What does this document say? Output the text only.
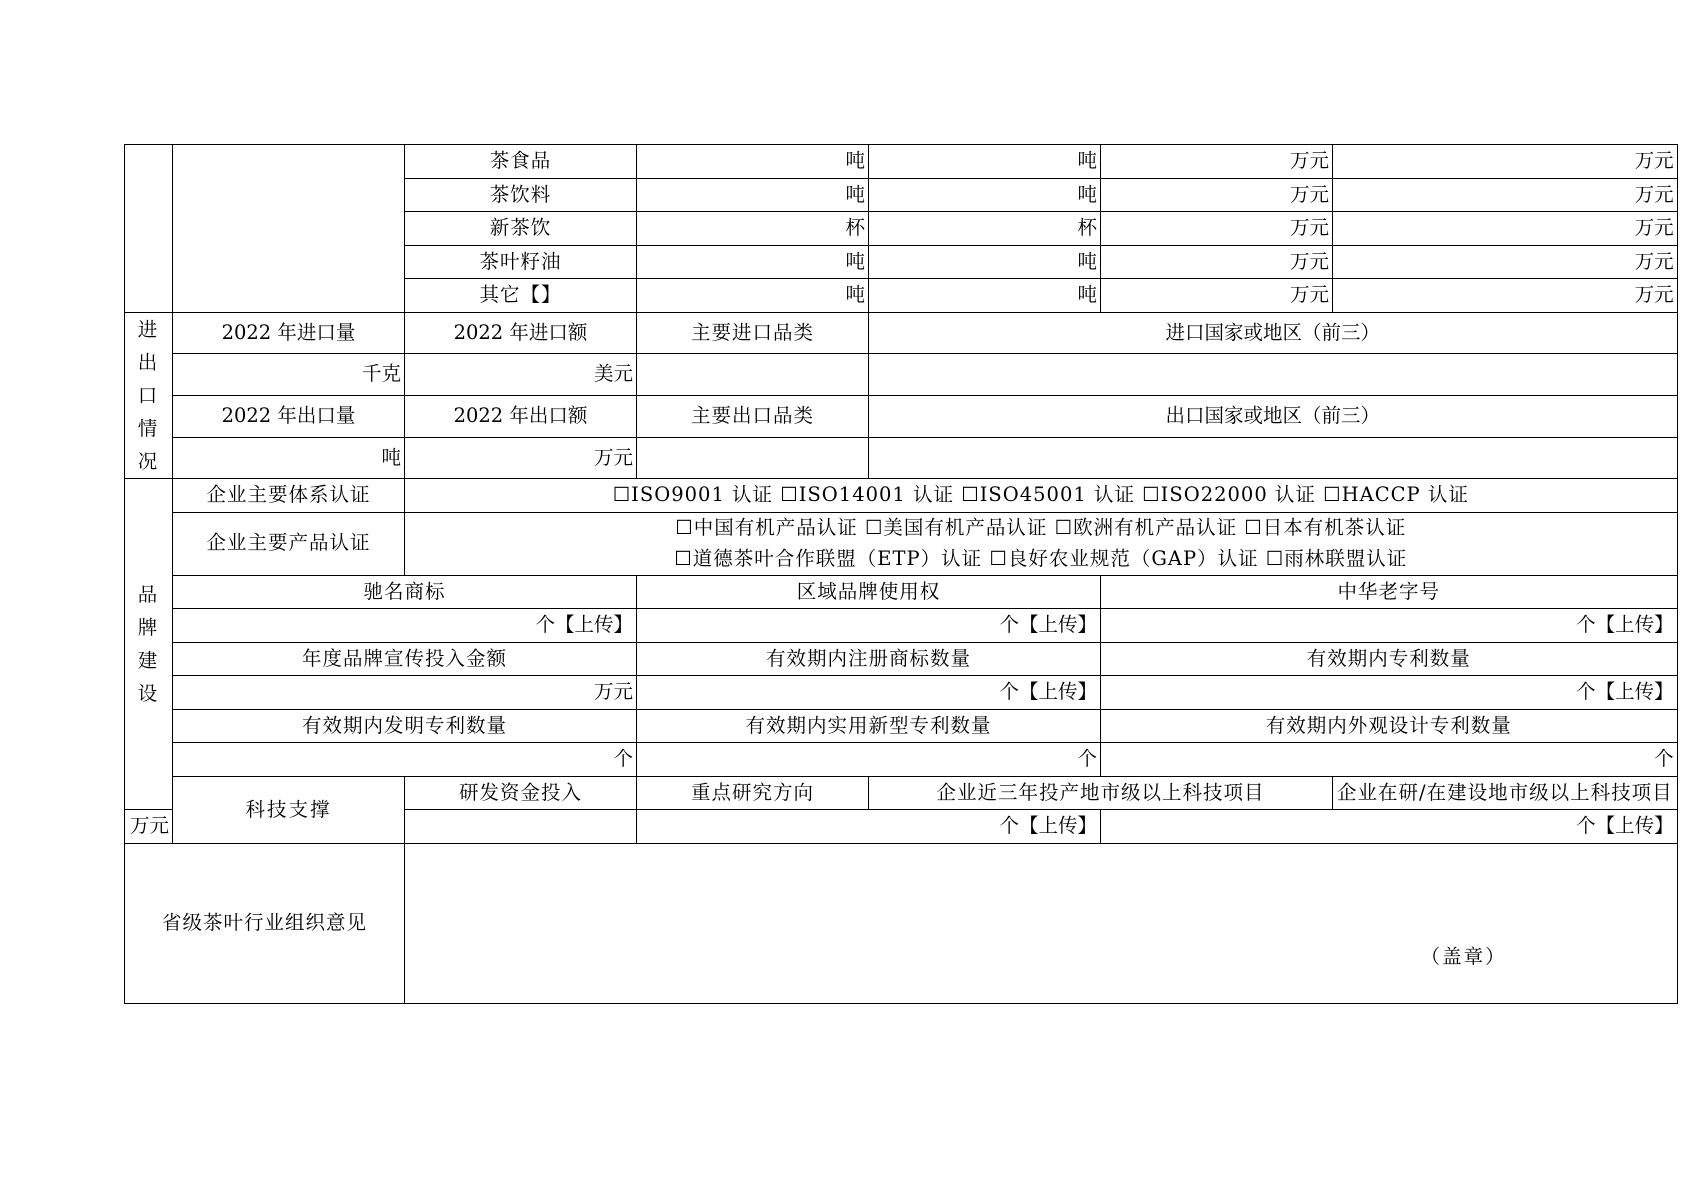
		茶食品	吨	吨	万元	万元
		茶饮料	吨	吨	万元	万元
		新茶饮	杯	杯	万元	万元
		茶叶籽油	吨	吨	万元	万元
		其它【】	吨	吨	万元	万元
进出口情况	2022 年进口量	2022 年进口额	主要进口品类	进口国家或地区（前三）		
	千克	美元				
	2022 年出口量	2022 年出口额	主要出口品类	出口国家或地区（前三）		
	吨	万元				
品牌建设	企业主要体系认证	☐ISO9001 认证 ☐ISO14001 认证 ☐ISO45001 认证 ☐ISO22000 认证 ☐HACCP 认证				
	企业主要产品认证	☐中国有机产品认证 ☐美国有机产品认证 ☐欧洲有机产品认证 ☐日本有机茶认证
☐道德茶叶合作联盟（ETP）认证 ☐良好农业规范（GAP）认证 ☐雨林联盟认证				

	驰名商标		区域品牌使用权		中华老字号	
	个【上传】		个【上传】		个【上传】	
	年度品牌宣传投入金额		有效期内注册商标数量		有效期内专利数量	
	万元		个【上传】		个【上传】	
	有效期内发明专利数量		有效期内实用新型专利数量		有效期内外观设计专利数量	
	个		个		个	
	科技支撑	研发资金投入	重点研究方向	企业近三年投产地市级以上科技项目		企业在研/在建设地市级以上科技项目
万元			个【上传】		个【上传】	
省级茶叶行业组织意见		（盖章）				
